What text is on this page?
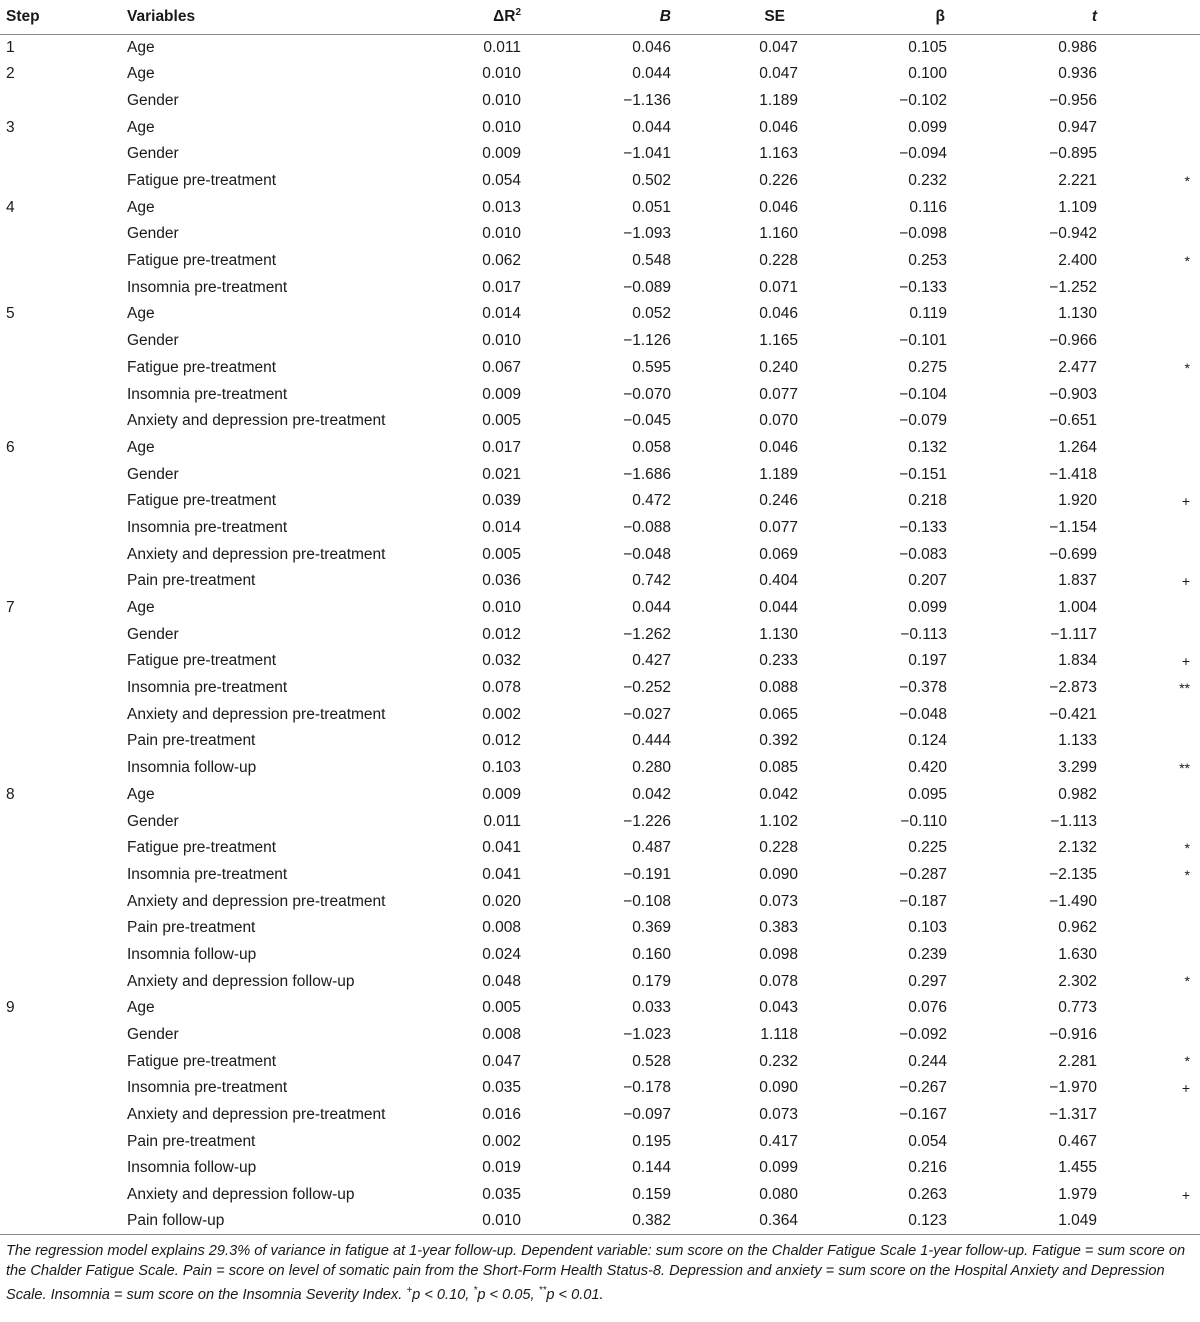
Step	Variables	$\Delta R^2$	B	SE	β	t	
1	Age	0.011	0.046	0.047	0.105	0.986	
2	Age	0.010	0.044	0.047	0.100	0.936	
	Gender	0.010	−1.136	1.189	−0.102	−0.956	
3	Age	0.010	0.044	0.046	0.099	0.947	
	Gender	0.009	−1.041	1.163	−0.094	−0.895	
	Fatigue pre-treatment	0.054	0.502	0.226	0.232	2.221	*
4	Age	0.013	0.051	0.046	0.116	1.109	
	Gender	0.010	−1.093	1.160	−0.098	−0.942	
	Fatigue pre-treatment	0.062	0.548	0.228	0.253	2.400	*
	Insomnia pre-treatment	0.017	−0.089	0.071	−0.133	−1.252	
5	Age	0.014	0.052	0.046	0.119	1.130	
	Gender	0.010	−1.126	1.165	−0.101	−0.966	
	Fatigue pre-treatment	0.067	0.595	0.240	0.275	2.477	*
	Insomnia pre-treatment	0.009	−0.070	0.077	−0.104	−0.903	
	Anxiety and depression pre-treatment	0.005	−0.045	0.070	−0.079	−0.651	
6	Age	0.017	0.058	0.046	0.132	1.264	
	Gender	0.021	−1.686	1.189	−0.151	−1.418	
	Fatigue pre-treatment	0.039	0.472	0.246	0.218	1.920	+
	Insomnia pre-treatment	0.014	−0.088	0.077	−0.133	−1.154	
	Anxiety and depression pre-treatment	0.005	−0.048	0.069	−0.083	−0.699	
	Pain pre-treatment	0.036	0.742	0.404	0.207	1.837	+
7	Age	0.010	0.044	0.044	0.099	1.004	
	Gender	0.012	−1.262	1.130	−0.113	−1.117	
	Fatigue pre-treatment	0.032	0.427	0.233	0.197	1.834	+
	Insomnia pre-treatment	0.078	−0.252	0.088	−0.378	−2.873	**
	Anxiety and depression pre-treatment	0.002	−0.027	0.065	−0.048	−0.421	
	Pain pre-treatment	0.012	0.444	0.392	0.124	1.133	
	Insomnia follow-up	0.103	0.280	0.085	0.420	3.299	**
8	Age	0.009	0.042	0.042	0.095	0.982	
	Gender	0.011	−1.226	1.102	−0.110	−1.113	
	Fatigue pre-treatment	0.041	0.487	0.228	0.225	2.132	*
	Insomnia pre-treatment	0.041	−0.191	0.090	−0.287	−2.135	*
	Anxiety and depression pre-treatment	0.020	−0.108	0.073	−0.187	−1.490	
	Pain pre-treatment	0.008	0.369	0.383	0.103	0.962	
	Insomnia follow-up	0.024	0.160	0.098	0.239	1.630	
	Anxiety and depression follow-up	0.048	0.179	0.078	0.297	2.302	*
9	Age	0.005	0.033	0.043	0.076	0.773	
	Gender	0.008	−1.023	1.118	−0.092	−0.916	
	Fatigue pre-treatment	0.047	0.528	0.232	0.244	2.281	*
	Insomnia pre-treatment	0.035	−0.178	0.090	−0.267	−1.970	+
	Anxiety and depression pre-treatment	0.016	−0.097	0.073	−0.167	−1.317	
	Pain pre-treatment	0.002	0.195	0.417	0.054	0.467	
	Insomnia follow-up	0.019	0.144	0.099	0.216	1.455	
	Anxiety and depression follow-up	0.035	0.159	0.080	0.263	1.979	+
	Pain follow-up	0.010	0.382	0.364	0.123	1.049	

The regression model explains 29.3% of variance in fatigue at 1-year follow-up. Dependent variable: sum score on the Chalder Fatigue Scale 1-year follow-up. Fatigue = sum score on the Chalder Fatigue Scale. Pain = score on level of somatic pain from the Short-Form Health Status-8. Depression and anxiety = sum score on the Hospital Anxiety and Depression Scale. Insomnia = sum score on the Insomnia Severity Index. +p < 0.10, *p < 0.05, **p < 0.01.
